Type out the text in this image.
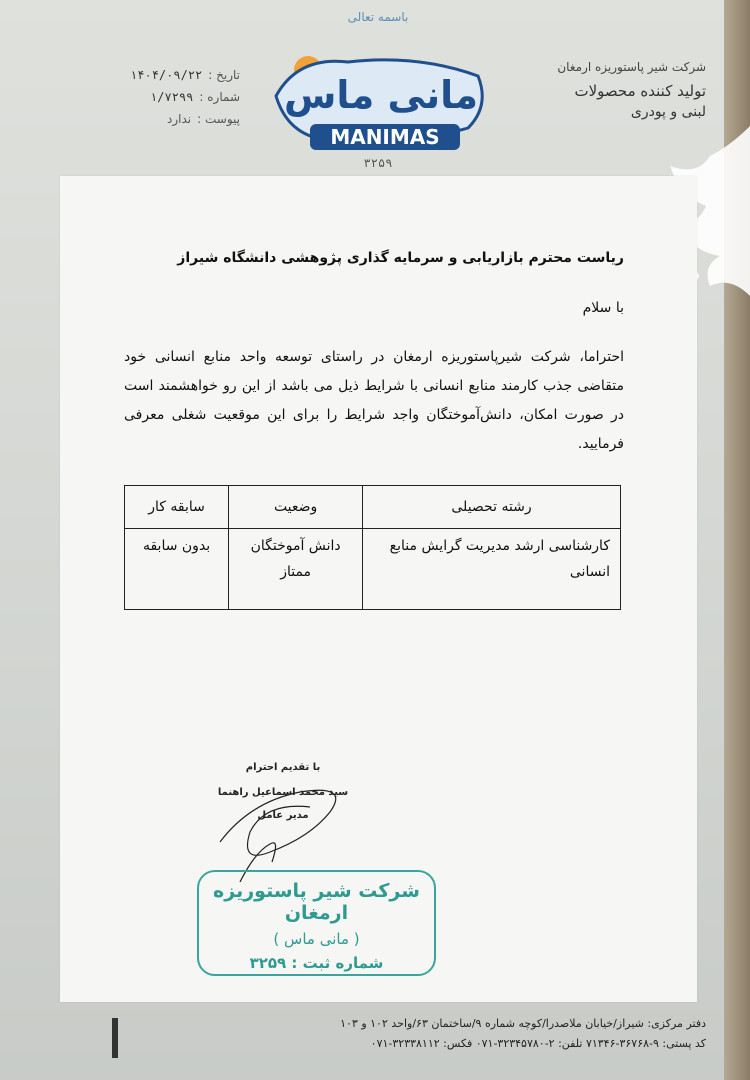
باسمه تعالی
شرکت شیر پاستوریزه ارمغان
تولید کننده محصولات
لبنی و پودری
تاریخ :
۱۴۰۴/۰۹/۲۲
شماره :
۱/۷۲۹۹
پیوست :
ندارد
مانی ماس
MANIMAS
۳۲۵۹
ریاست محترم بازاریابی و سرمایه گذاری پژوهشی دانشگاه شیراز
با سلام
احتراما، شرکت شیرپاستوریزه ارمغان در راستای توسعه واحد منابع انسانی خود متقاضی جذب کارمند منابع انسانی با شرایط ذیل می باشد از این رو خواهشمند است در صورت امکان، دانش‌آموختگان واجد شرایط را برای این موقعیت شغلی معرفی فرمایید.
رشته تحصیلی	وضعیت	سابقه کار
کارشناسی ارشد مدیریت گرایش منابع انسانی	دانش آموختگان ممتاز	بدون سابقه
با تقدیم احترام
سید محمد اسماعیل راهنما
مدیر عامل
شرکت شیر پاستوریزه ارمغان
( مانی ماس )
شماره ثبت : ۳۲۵۹
دفتر مرکزی: شیراز/خیابان ملاصدرا/کوچه شماره ۹/ساختمان ۶۳/واحد ۱۰۲ و ۱۰۳
کد پستی: ۹-۳۶۷۶۸-۷۱۳۴۶ تلفن: ۲-۳۲۳۴۵۷۸۰-۰۷۱ فکس: ۳۲۳۳۸۱۱۲-۰۷۱
